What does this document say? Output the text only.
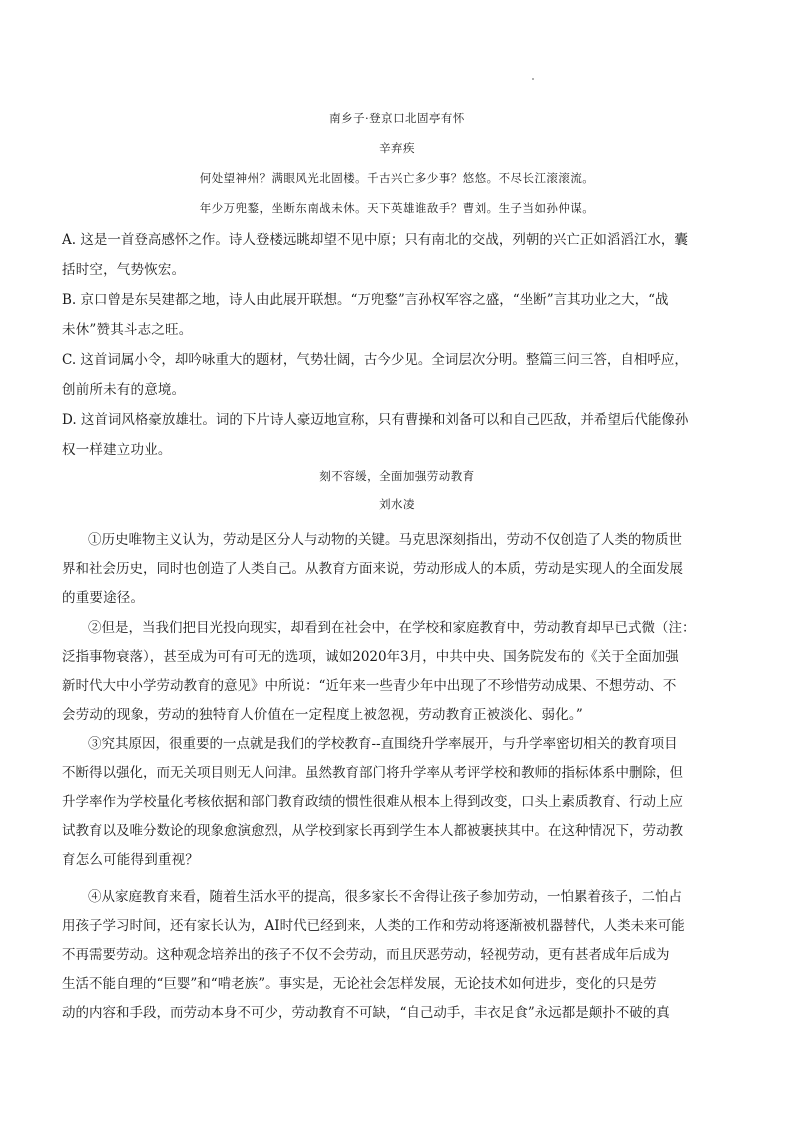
南乡子·登京口北固亭有怀
辛弃疾
何处望神州？满眼风光北固楼。千古兴亡多少事？悠悠。不尽长江滚滚流。
年少万兜鍪，坐断东南战未休。天下英雄谁敌手？曹刘。生子当如孙仲谋。
A. 这是一首登高感怀之作。诗人登楼远眺却望不见中原；只有南北的交战，列朝的兴亡正如滔滔江水，囊
括时空，气势恢宏。
B. 京口曾是东吴建都之地，诗人由此展开联想。“万兜鍪”言孙权军容之盛，“坐断”言其功业之大，“战
未休”赞其斗志之旺。
C. 这首词属小令，却吟咏重大的题材，气势壮阔，古今少见。全词层次分明。整篇三问三答，自相呼应，
创前所未有的意境。
D. 这首词风格豪放雄壮。词的下片诗人豪迈地宣称，只有曹操和刘备可以和自己匹敌，并希望后代能像孙
权一样建立功业。
刻不容缓，全面加强劳动教育
刘水凌
①历史唯物主义认为，劳动是区分人与动物的关键。马克思深刻指出，劳动不仅创造了人类的物质世
界和社会历史，同时也创造了人类自己。从教育方面来说，劳动形成人的本质，劳动是实现人的全面发展
的重要途径。
②但是，当我们把目光投向现实，却看到在社会中，在学校和家庭教育中，劳动教育却早已式微（注：
泛指事物衰落），甚至成为可有可无的选项，诚如2020年3月，中共中央、国务院发布的《关于全面加强
新时代大中小学劳动教育的意见》中所说：“近年来一些青少年中出现了不珍惜劳动成果、不想劳动、不
会劳动的现象，劳动的独特育人价值在一定程度上被忽视，劳动教育正被淡化、弱化。”
③究其原因，很重要的一点就是我们的学校教育--直围绕升学率展开，与升学率密切相关的教育项目
不断得以强化，而无关项目则无人问津。虽然教育部门将升学率从考评学校和教师的指标体系中删除，但
升学率作为学校量化考核依据和部门教育政绩的惯性很难从根本上得到改变，口头上素质教育、行动上应
试教育以及唯分数论的现象愈演愈烈，从学校到家长再到学生本人都被裹挟其中。在这种情况下，劳动教
育怎么可能得到重视？
④从家庭教育来看，随着生活水平的提高，很多家长不舍得让孩子参加劳动，一怕累着孩子，二怕占
用孩子学习时间，还有家长认为，AI时代已经到来，人类的工作和劳动将逐渐被机器替代，人类未来可能
不再需要劳动。这种观念培养出的孩子不仅不会劳动，而且厌恶劳动，轻视劳动，更有甚者成年后成为
生活不能自理的“巨婴”和“啃老族”。事实是，无论社会怎样发展，无论技术如何进步，变化的只是劳
动的内容和手段，而劳动本身不可少，劳动教育不可缺，“自己动手，丰衣足食”永远都是颠扑不破的真
